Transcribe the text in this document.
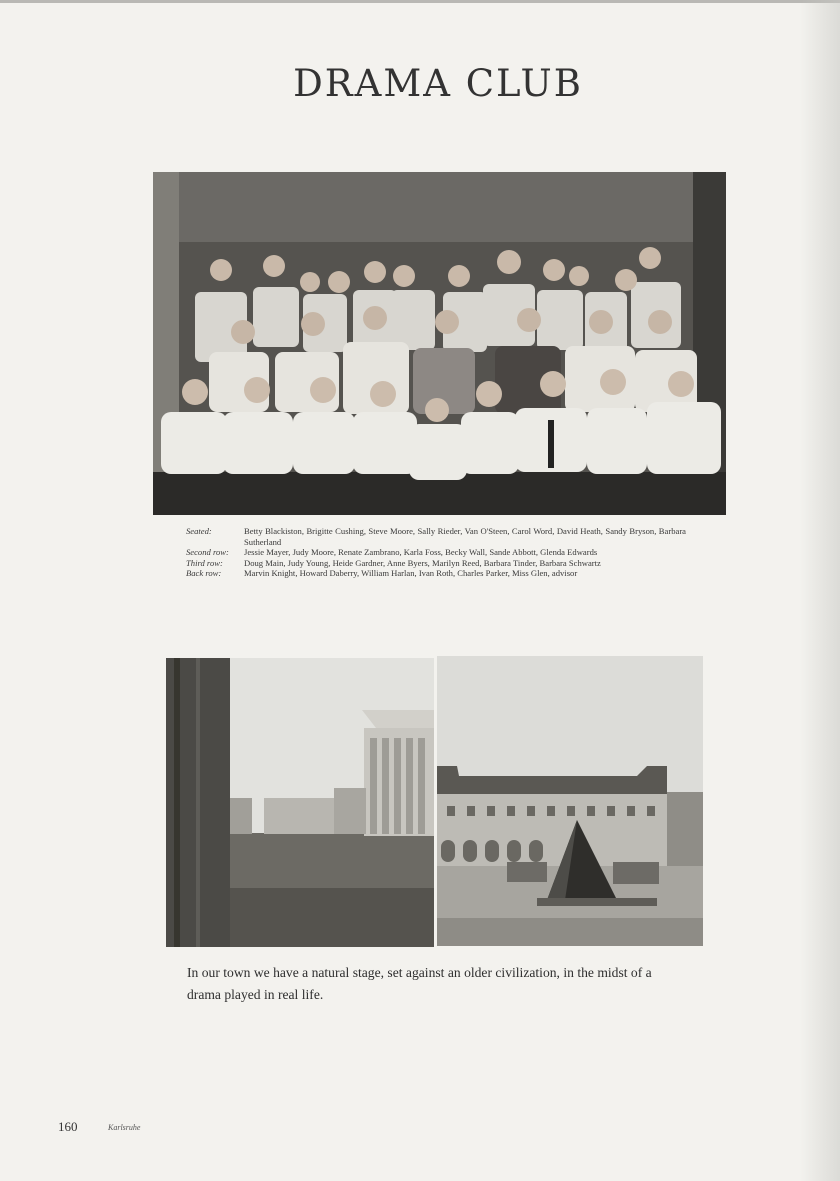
DRAMA CLUB
Seated:	Betty Blackiston, Brigitte Cushing, Steve Moore, Sally Rieder, Van O'Steen, Carol Word, David Heath, Sandy Bryson, Barbara Sutherland
Second row:	Jessie Mayer, Judy Moore, Renate Zambrano, Karla Foss, Becky Wall, Sande Abbott, Glenda Edwards
Third row:	Doug Main, Judy Young, Heide Gardner, Anne Byers, Marilyn Reed, Barbara Tinder, Barbara Schwartz
Back row:	Marvin Knight, Howard Daberry, William Harlan, Ivan Roth, Charles Parker, Miss Glen, advisor

In our town we have a natural stage, set against an older civilization, in the midst of a drama played in real life.

160	Karlsruhe
